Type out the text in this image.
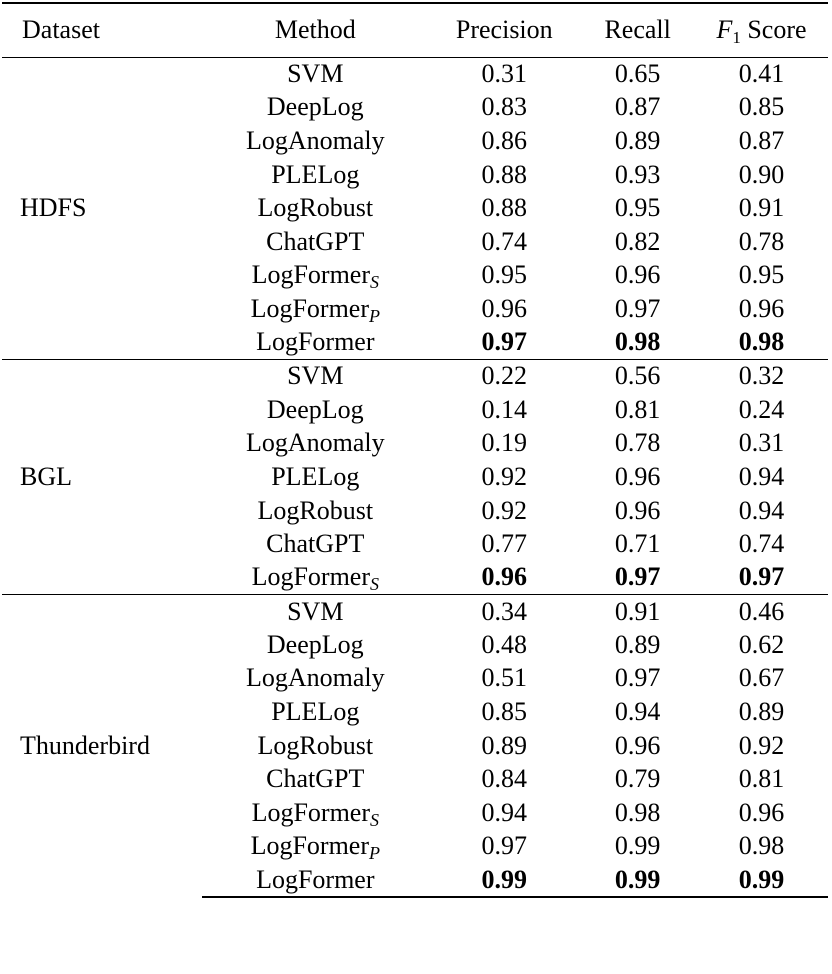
Dataset	Method	Precision	Recall	$F_1$ Score
HDFS	SVM	0.31	0.65	0.41
	DeepLog	0.83	0.87	0.85
	LogAnomaly	0.86	0.89	0.87
	PLELog	0.88	0.93	0.90
	LogRobust	0.88	0.95	0.91
	ChatGPT	0.74	0.82	0.78
	LogFormer$_S$	0.95	0.96	0.95
	LogFormer$_P$	0.96	0.97	0.96
	LogFormer	0.97	0.98	0.98
BGL	SVM	0.22	0.56	0.32
	DeepLog	0.14	0.81	0.24
	LogAnomaly	0.19	0.78	0.31
	PLELog	0.92	0.96	0.94
	LogRobust	0.92	0.96	0.94
	ChatGPT	0.77	0.71	0.74
	LogFormer$_S$	0.96	0.97	0.97
Thunderbird	SVM	0.34	0.91	0.46
	DeepLog	0.48	0.89	0.62
	LogAnomaly	0.51	0.97	0.67
	PLELog	0.85	0.94	0.89
	LogRobust	0.89	0.96	0.92
	ChatGPT	0.84	0.79	0.81
	LogFormer$_S$	0.94	0.98	0.96
	LogFormer$_P$	0.97	0.99	0.98
	LogFormer	0.99	0.99	0.99
